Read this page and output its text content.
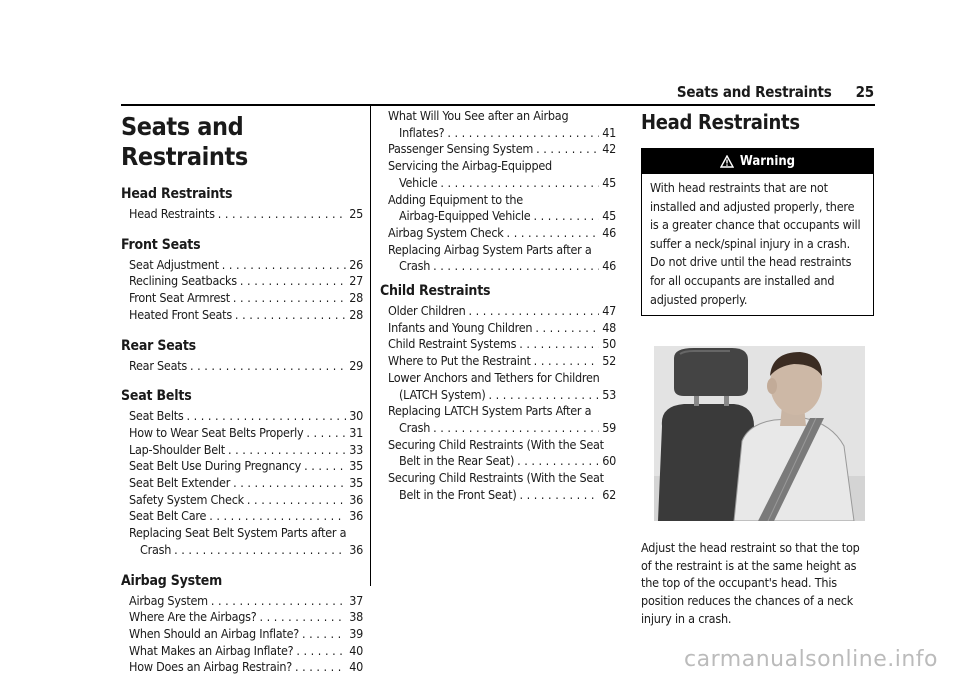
Seats and Restraints 25
Seats and Restraints
Head Restraints
Head Restraints . . .	25
Front Seats
Seat Adjustment . . .	26
Reclining Seatbacks . . .	27
Front Seat Armrest . . .	28
Heated Front Seats . . .	28
Rear Seats
Rear Seats . . .	29
Seat Belts
Seat Belts . . .	30
How to Wear Seat Belts Properly . . .	31
Lap-Shoulder Belt . . .	33
Seat Belt Use During Pregnancy . . .	35
Seat Belt Extender . . .	35
Safety System Check . . .	36
Seat Belt Care . . .	36
Replacing Seat Belt System Parts after a
Crash . . .	36
Airbag System
Airbag System . . .	37
Where Are the Airbags? . . .	38
When Should an Airbag Inflate? . . .	39
What Makes an Airbag Inflate? . . .	40
How Does an Airbag Restrain? . . .	40
What Will You See after an Airbag
Inflates? . . .	41
Passenger Sensing System . . .	42
Servicing the Airbag-Equipped
Vehicle . . .	45
Adding Equipment to the
Airbag-Equipped Vehicle . . .	45
Airbag System Check . . .	46
Replacing Airbag System Parts after a
Crash . . .	46
Child Restraints
Older Children . . .	47
Infants and Young Children . . .	48
Child Restraint Systems . . .	50
Where to Put the Restraint . . .	52
Lower Anchors and Tethers for Children
(LATCH System) . . .	53
Replacing LATCH System Parts After a
Crash . . .	59
Securing Child Restraints (With the Seat
Belt in the Rear Seat) . . .	60
Securing Child Restraints (With the Seat
Belt in the Front Seat) . . .	62
Head Restraints
Warning
With head restraints that are not installed and adjusted properly, there is a greater chance that occupants will suffer a neck/spinal injury in a crash. Do not drive until the head restraints for all occupants are installed and adjusted properly.
Adjust the head restraint so that the top of the restraint is at the same height as the top of the occupant's head. This position reduces the chances of a neck injury in a crash.
carmanualsonline.info
